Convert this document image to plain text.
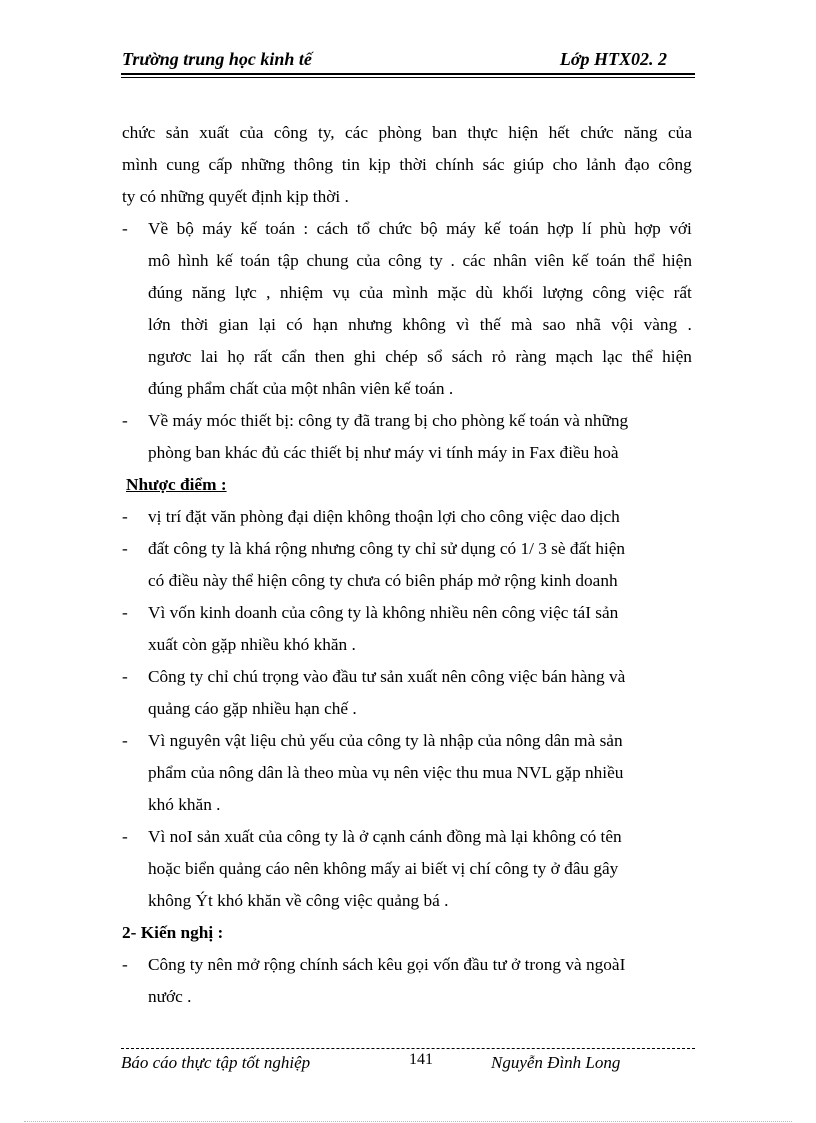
Trường trung học kinh tế	Lớp HTX02. 2
chức sản xuất của công ty, các phòng ban thực hiện hết chức năng của
mình cung cấp những thông tin kịp thời chính sác giúp cho lảnh đạo công
ty có những quyết định kịp thời .
-	Về bộ máy kế toán : cách tổ chức bộ máy kế toán hợp lí phù hợp với
mô hình kế toán tập chung của công ty . các nhân viên kế toán thể hiện
đúng năng lực , nhiệm vụ của mình mặc dù khối lượng công việc rất
lớn thời gian lại có hạn nhưng không vì thế mà sao nhã vội vàng .
ngươc lai họ rất cẩn then ghi chép sổ sách rỏ ràng mạch lạc thể hiện
đúng phẩm chất của một nhân viên kế toán .
-	Về máy móc thiết bị: công ty đã trang bị cho phòng kế toán và những
phòng ban khác đủ các thiết bị như máy vi tính máy in Fax điều hoà
Nhược điểm :
-	vị trí đặt văn phòng đại diện không thoận lợi cho công việc dao dịch
-	đất công ty là khá rộng nhưng công ty chỉ sử dụng có 1/ 3 sè đất hiện
có điều này thể hiện công ty chưa có biên pháp mở rộng kinh doanh
-	Vì vốn kinh doanh của công ty là không nhiều nên công việc táI sản
xuất còn gặp nhiều khó khăn .
-	Công ty chỉ chú trọng vào đầu tư sản xuất nên công việc bán hàng và
quảng cáo gặp nhiều hạn chế .
-	Vì nguyên vật liệu chủ yếu của công ty là nhập của nông dân mà sản
phẩm của nông dân là theo mùa vụ nên việc thu mua NVL gặp nhiều
khó khăn .
-	Vì noI sản xuất của công ty là ở cạnh cánh đồng mà lại không có tên
hoặc biển quảng cáo nên không mấy ai biết vị chí công ty ở đâu gây
không Ýt khó khăn về công việc quảng bá .
2- Kiến nghị :
-	Công ty nên mở rộng chính sách kêu gọi vốn đầu tư ở trong và ngoàI
nước .
Báo cáo thực tập tốt nghiệp	141	Nguyễn Đình Long
